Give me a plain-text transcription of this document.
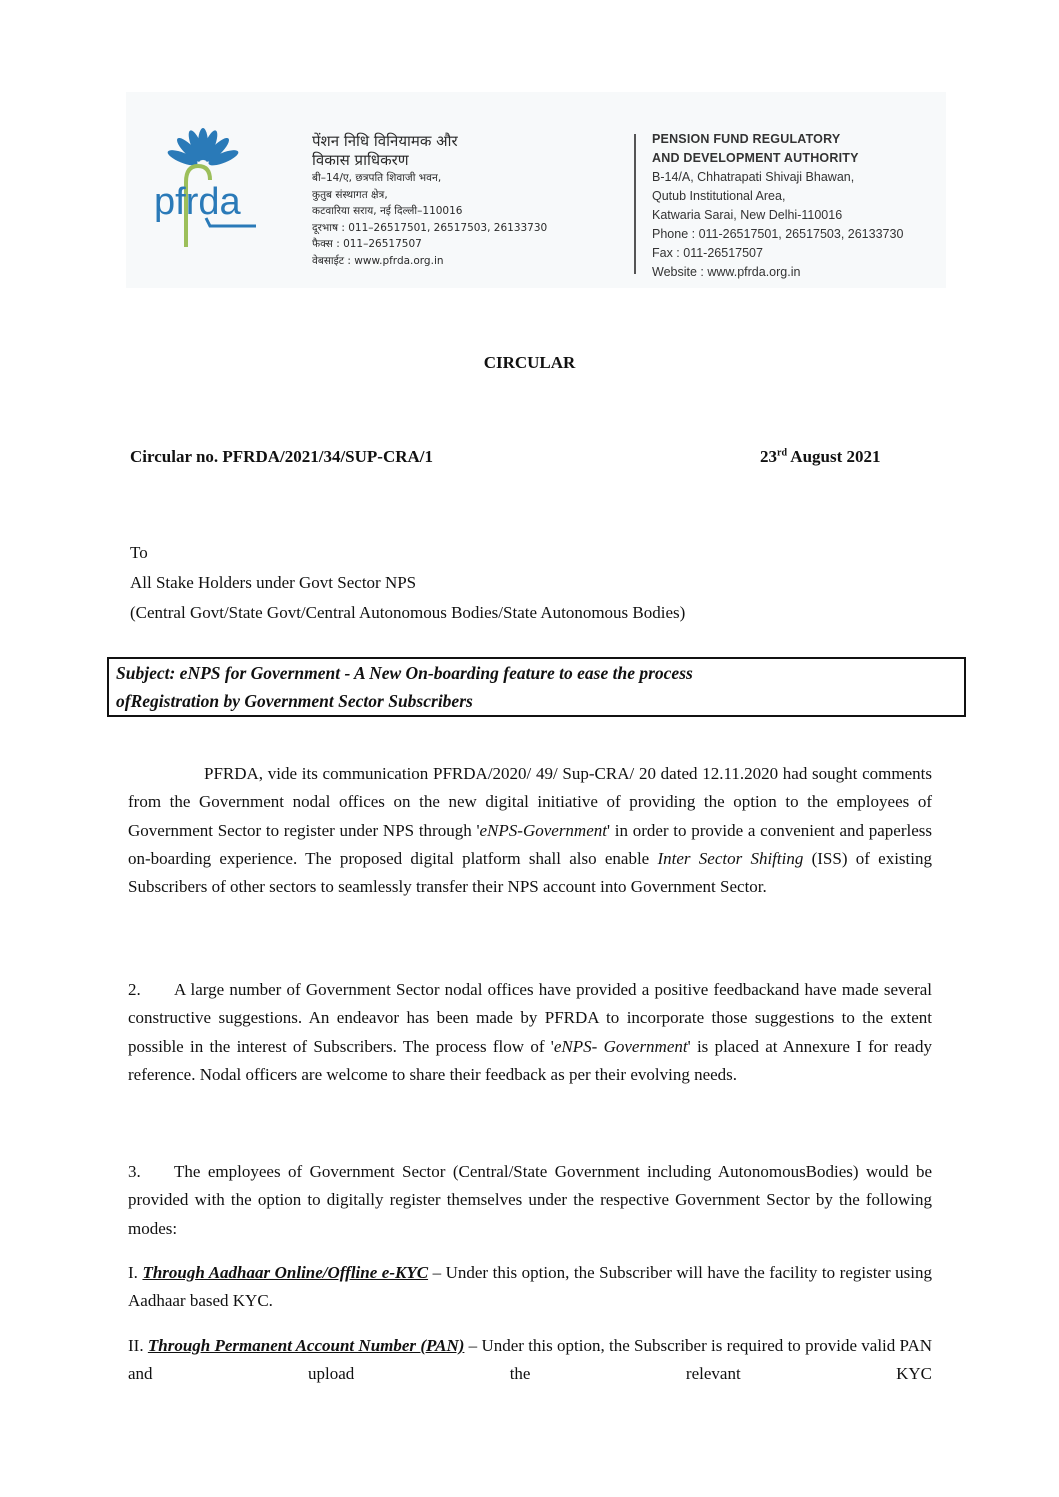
pfrda
पेंशन निधि विनियामक और
विकास प्राधिकरण
बी–14/ए, छत्रपति शिवाजी भवन,
कुतुब संस्थागत क्षेत्र,
कटवारिया सराय, नई दिल्ली–110016
दूरभाष : 011–26517501, 26517503, 26133730
फैक्स : 011–26517507
वेबसाईट : www.pfrda.org.in
PENSION FUND REGULATORY
AND DEVELOPMENT AUTHORITY
B-14/A, Chhatrapati Shivaji Bhawan,
Qutub Institutional Area,
Katwaria Sarai, New Delhi-110016
Phone : 011-26517501, 26517503, 26133730
Fax : 011-26517507
Website : www.pfrda.org.in
CIRCULAR
Circular no. PFRDA/2021/34/SUP-CRA/1	23rd August 2021
To
All Stake Holders under Govt Sector NPS
(Central Govt/State Govt/Central Autonomous Bodies/State Autonomous Bodies)

Subject: eNPS for Government - A New On-boarding feature to ease the process

ofRegistration by Government Sector Subscribers

PFRDA, vide its communication PFRDA/2020/ 49/ Sup-CRA/ 20 dated 12.11.2020 had sought comments from the Government nodal offices on the new digital initiative of providing the option to the employees of Government Sector to register under NPS through 'eNPS-Government' in order to provide a convenient and paperless on-boarding experience. The proposed digital platform shall also enable Inter Sector Shifting (ISS) of existing Subscribers of other sectors to seamlessly transfer their NPS account into Government Sector.

2. A large number of Government Sector nodal offices have provided a positive feedbackand have made several constructive suggestions. An endeavor has been made by PFRDA to incorporate those suggestions to the extent possible in the interest of Subscribers. The process flow of 'eNPS- Government' is placed at Annexure I for ready reference. Nodal officers are welcome to share their feedback as per their evolving needs.

3. The employees of Government Sector (Central/State Government including AutonomousBodies) would be provided with the option to digitally register themselves under the respective Government Sector by the following modes:

I. Through Aadhaar Online/Offline e-KYC – Under this option, the Subscriber will have the facility to register using Aadhaar based KYC.

II. Through Permanent Account Number (PAN) – Under this option, the Subscriber is required to provide valid PAN and upload the relevant KYC
